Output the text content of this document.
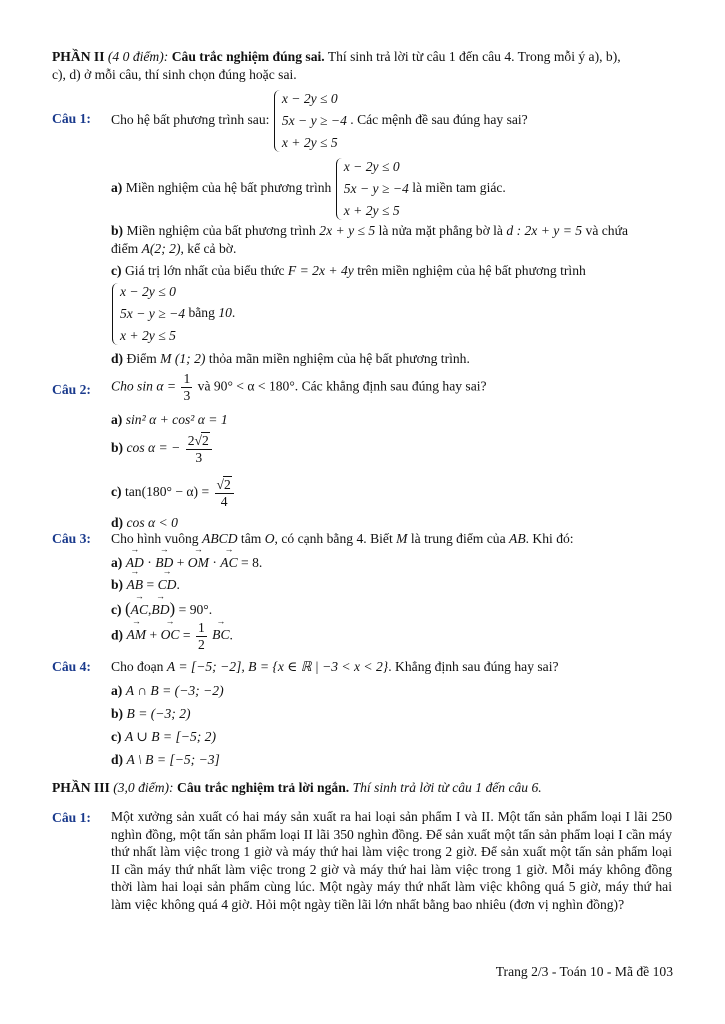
PHẦN II (4 0 điểm): Câu trắc nghiệm đúng sai. Thí sinh trả lời từ câu 1 đến câu 4. Trong mỗi ý a), b),
c), d) ở mỗi câu, thí sinh chọn đúng hoặc sai.
Câu 1: Cho hệ bất phương trình sau: x − 2y ≤ 0
5x − y ≥ −4
x + 2y ≤ 5 . Các mệnh đề sau đúng hay sai?
a) Miền nghiệm của hệ bất phương trình x − 2y ≤ 0
5x − y ≥ −4
x + 2y ≤ 5 là miền tam giác.
b) Miền nghiệm của bất phương trình 2x + y ≤ 5 là nửa mặt phẳng bờ là d : 2x + y = 5 và chứa
điểm A(2; 2), kể cả bờ.
c) Giá trị lớn nhất của biểu thức F = 2x + 4y trên miền nghiệm của hệ bất phương trình
x − 2y ≤ 0
5x − y ≥ −4
x + 2y ≤ 5 bằng 10.
d) Điểm M (1; 2) thỏa mãn miền nghiệm của hệ bất phương trình.
Câu 2: Cho $\sin \alpha = \frac{1}{3}$ và 90° < α < 180°. Các khẳng định sau đúng hay sai?
a) sin² α + cos² α = 1
b) cos α = − $\frac{2√2}{3}$
c) $\tan(180^\circ - \alpha) = \frac{√2}{4}$
d) cos α < 0
Câu 3: Cho hình vuông ABCD tâm O, có cạnh bằng 4. Biết M là trung điểm của AB. Khi đó:
a) → AD · → BD + → OM · → AC = 8.
b) → AB = → CD.
c) (→ AC,→ BD) = 90°.
d) → AM + → OC = $\frac{1}{2}$ → BC.
Câu 4: Cho đoạn A = [−5; −2], B = {x ∈ ℝ | −3 < x < 2}. Khẳng định sau đúng hay sai?
a) A ∩ B = (−3; −2)
b) B = (−3; 2)
c) A ∪ B = [−5; 2)
d) A \ B = [−5; −3]
PHẦN III (3,0 điểm): Câu trắc nghiệm trả lời ngắn. Thí sinh trả lời từ câu 1 đến câu 6.
Câu 1: Một xưởng sản xuất có hai máy sản xuất ra hai loại sản phẩm I và II. Một tấn sản phẩm loại I lãi 250 nghìn đồng, một tấn sản phẩm loại II lãi 350 nghìn đồng. Để sản xuất một tấn sản phẩm loại I cần máy thứ nhất làm việc trong 1 giờ và máy thứ hai làm việc trong 2 giờ. Để sản xuất một tấn sản phẩm loại II cần máy thứ nhất làm việc trong 2 giờ và máy thứ hai làm việc trong 1 giờ. Mỗi máy không đồng thời làm hai loại sản phẩm cùng lúc. Một ngày máy thứ nhất làm việc không quá 5 giờ, máy thứ hai làm việc không quá 4 giờ. Hỏi một ngày tiền lãi lớn nhất bằng bao nhiêu (đơn vị nghìn đồng)?
Trang 2/3 - Toán 10 - Mã đề 103
